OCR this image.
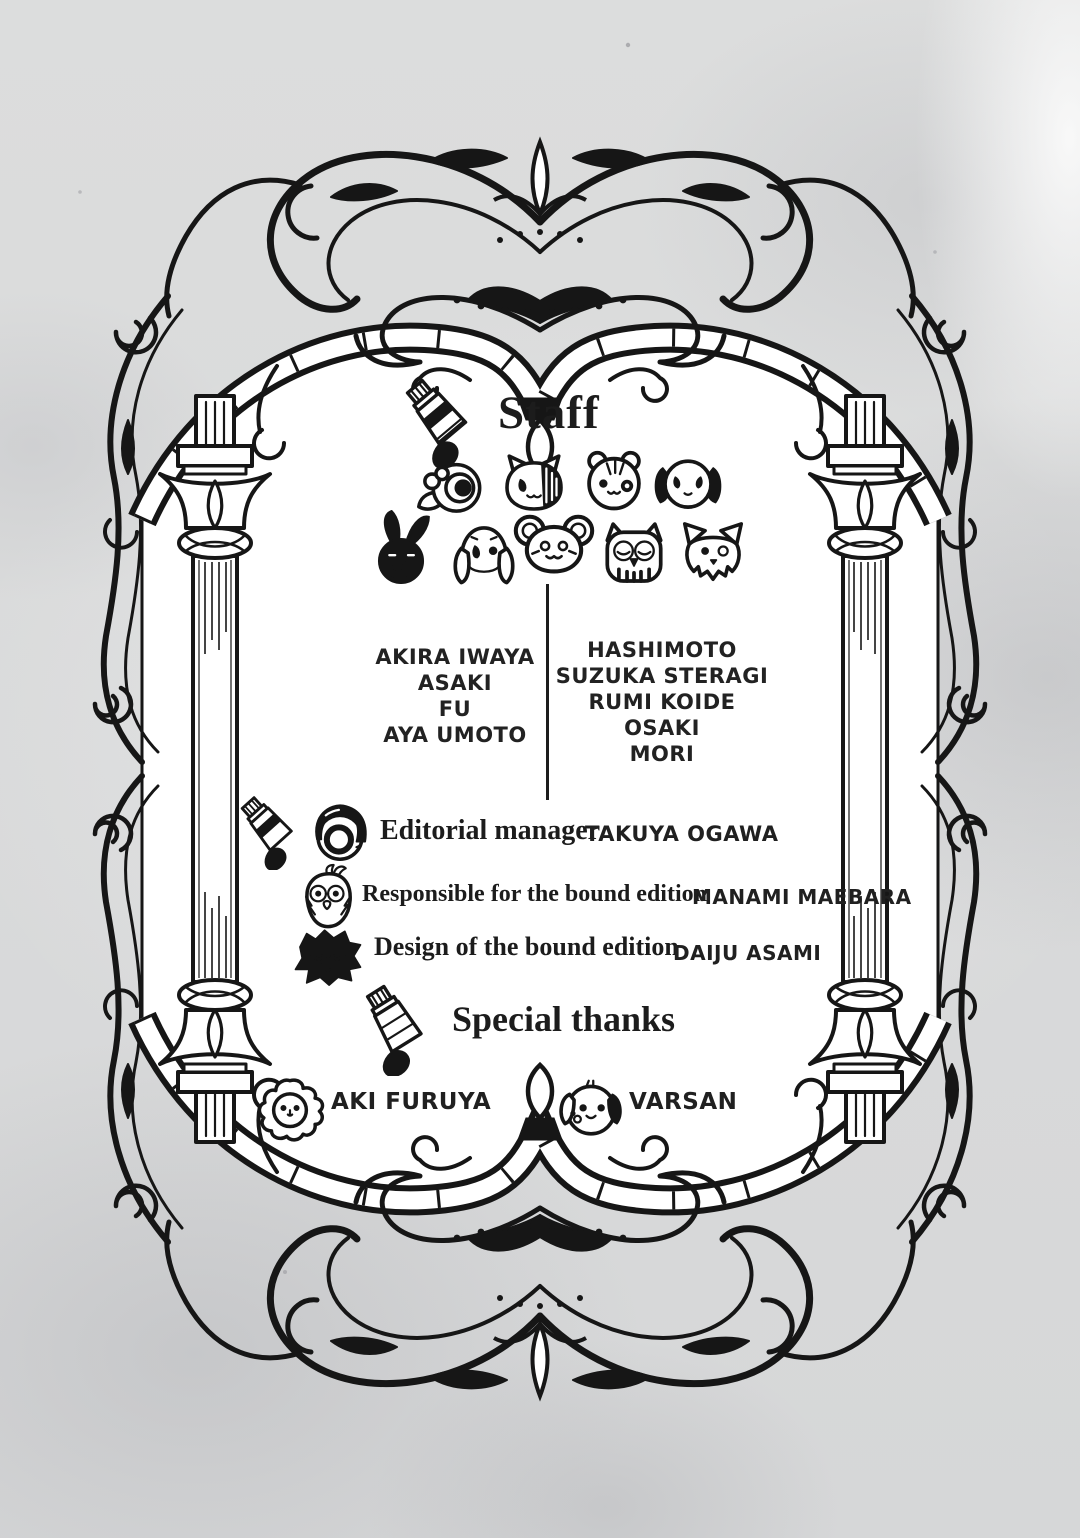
Staff
AKIRA IWAYA
ASAKI
FU
AYA UMOTO
HASHIMOTO
SUZUKA STERAGI
RUMI KOIDE
OSAKI
MORI
Editorial manager
TAKUYA OGAWA
Responsible for the bound edition
MANAMI MAEBARA
Design of the bound edition
DAIJU ASAMI
Special thanks
AKI FURUYA	VARSAN
